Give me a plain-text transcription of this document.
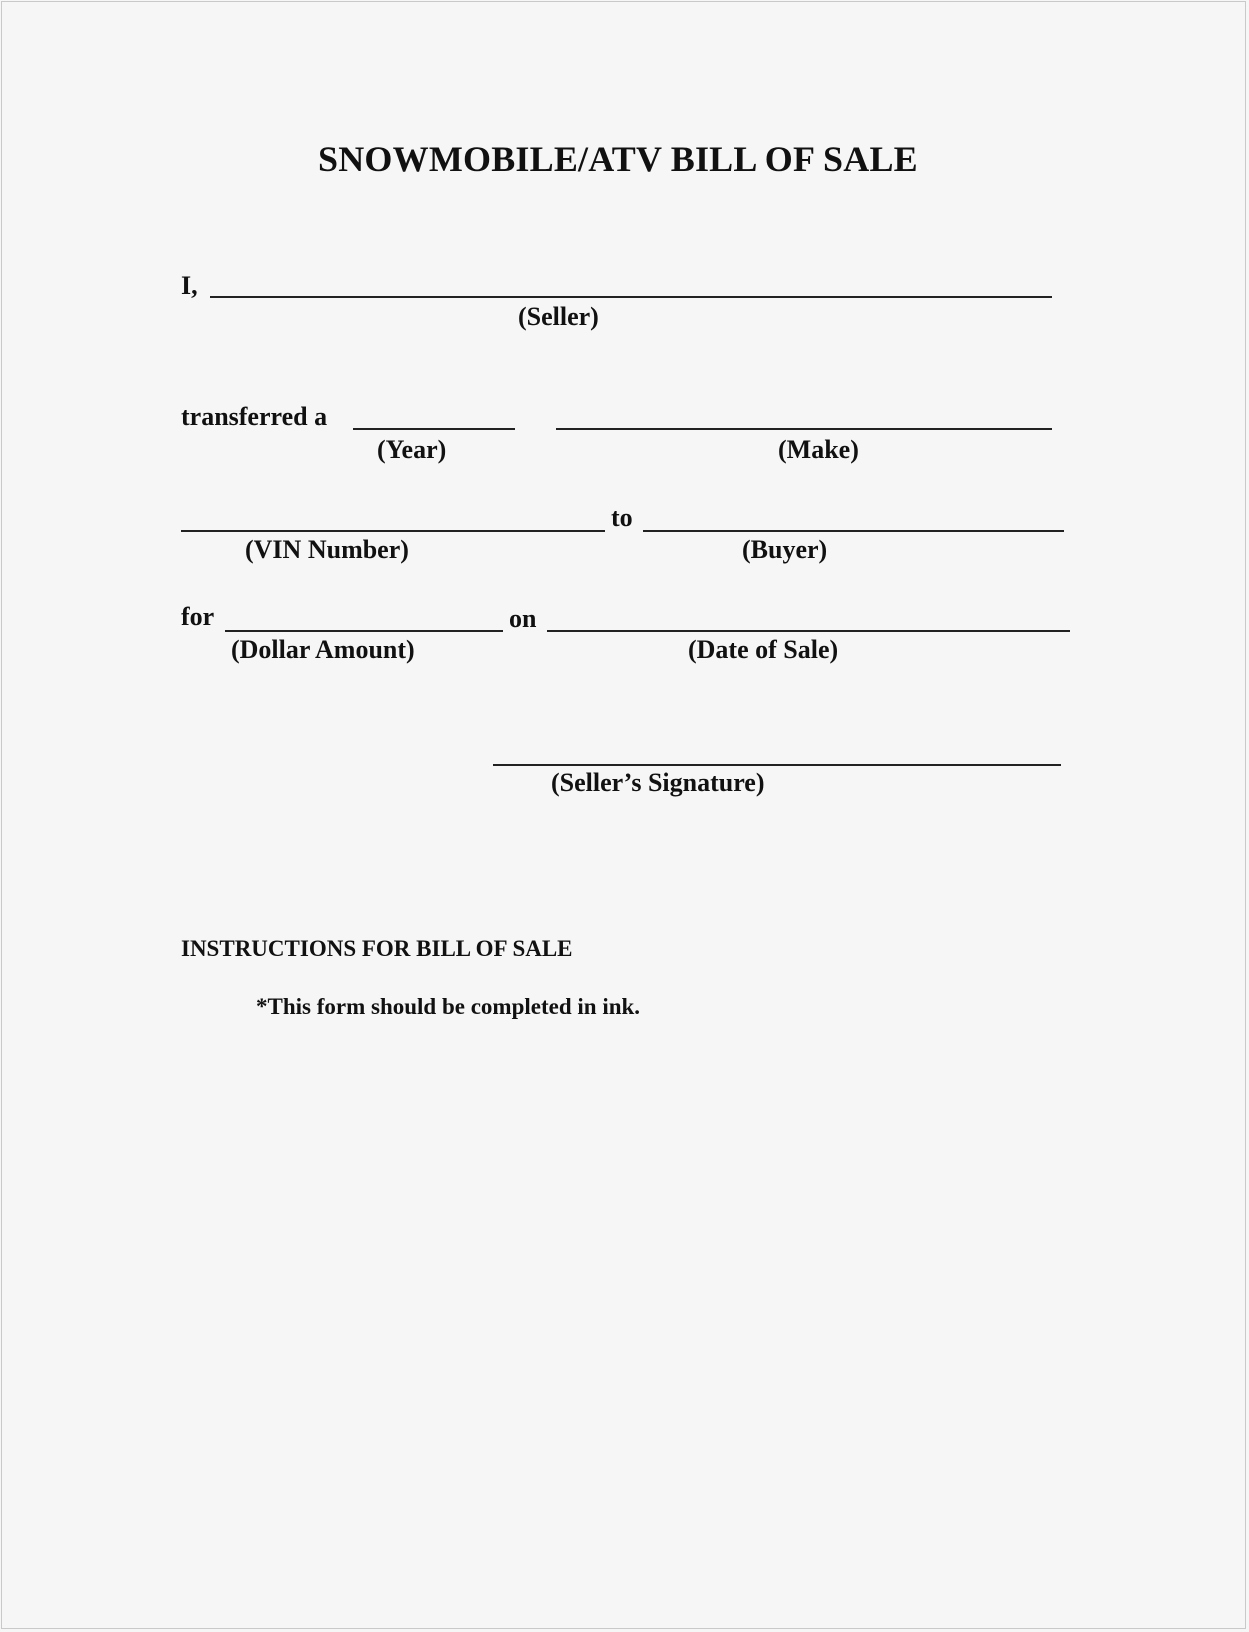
SNOWMOBILE/ATV BILL OF SALE
I,
(Seller)
transferred a
(Year)	(Make)
to
(VIN Number)	(Buyer)
for	on
(Dollar Amount)	(Date of Sale)
(Seller’s Signature)
INSTRUCTIONS FOR BILL OF SALE
*This form should be completed in ink.
